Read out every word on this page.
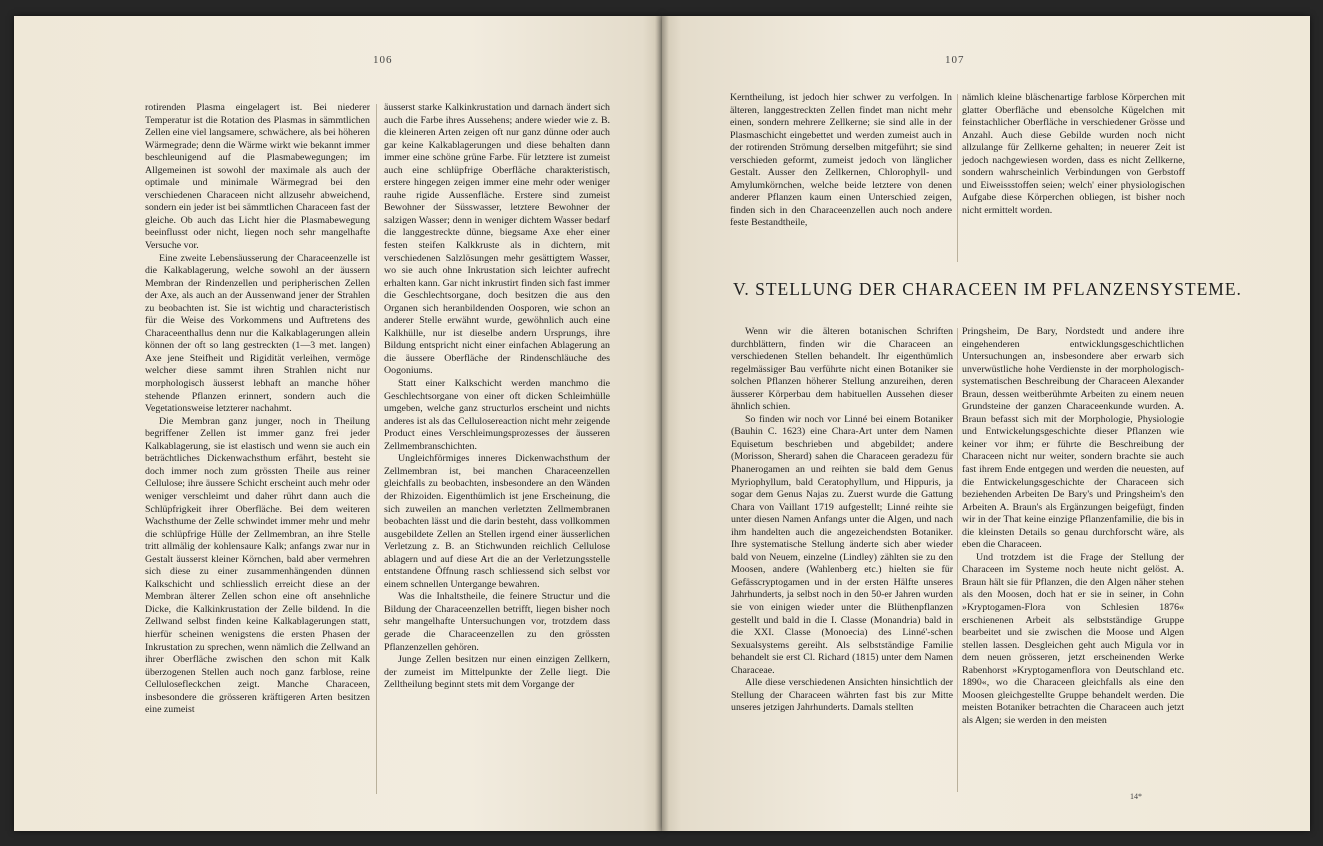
106

rotirenden Plasma eingelagert ist. Bei niederer Temperatur ist die Rotation des Plasmas in sämmtlichen Zellen eine viel langsamere, schwächere, als bei höheren Wärmegrade; denn die Wärme wirkt wie bekannt immer beschleunigend auf die Plasmabewegungen; im Allgemeinen ist sowohl der maximale als auch der optimale und minimale Wärmegrad bei den verschiedenen Characeen nicht allzusehr abweichend, sondern ein jeder ist bei sämmtlichen Characeen fast der gleiche. Ob auch das Licht hier die Plasmabewegung beeinflusst oder nicht, liegen noch sehr mangelhafte Versuche vor.

Eine zweite Lebensäusserung der Characeenzelle ist die Kalkablagerung, welche sowohl an der äussern Membran der Rindenzellen und peripherischen Zellen der Axe, als auch an der Aussenwand jener der Strahlen zu beobachten ist. Sie ist wichtig und characteristisch für die Weise des Vorkommens und Auftretens des Characeenthallus denn nur die Kalkablagerungen allein können der oft so lang gestreckten (1—3 met. langen) Axe jene Steifheit und Rigidität verleihen, vermöge welcher diese sammt ihren Strahlen nicht nur morphologisch äusserst lebhaft an manche höher stehende Pflanzen erinnert, sondern auch die Vegetationsweise letzterer nachahmt.

Die Membran ganz junger, noch in Theilung begriffener Zellen ist immer ganz frei jeder Kalkablagerung, sie ist elastisch und wenn sie auch ein beträchtliches Dickenwachsthum erfährt, besteht sie doch immer noch zum grössten Theile aus reiner Cellulose; ihre äussere Schicht erscheint auch mehr oder weniger verschleimt und daher rührt dann auch die Schlüpfrigkeit ihrer Oberfläche. Bei dem weiteren Wachsthume der Zelle schwindet immer mehr und mehr die schlüpfrige Hülle der Zellmembran, an ihre Stelle tritt allmälig der kohlensaure Kalk; anfangs zwar nur in Gestalt äusserst kleiner Körnchen, bald aber vermehren sich diese zu einer zusammenhängenden dünnen Kalkschicht und schliesslich erreicht diese an der Membran älterer Zellen schon eine oft ansehnliche Dicke, die Kalkinkrustation der Zelle bildend. In die Zellwand selbst finden keine Kalkablagerungen statt, hierfür scheinen wenigstens die ersten Phasen der Inkrustation zu sprechen, wenn nämlich die Zellwand an ihrer Oberfläche zwischen den schon mit Kalk überzogenen Stellen auch noch ganz farblose, reine Cellulosefleckchen zeigt. Manche Characeen, insbesondere die grösseren kräftigeren Arten besitzen eine zumeist

äusserst starke Kalkinkrustation und darnach ändert sich auch die Farbe ihres Aussehens; andere wieder wie z. B. die kleineren Arten zeigen oft nur ganz dünne oder auch gar keine Kalkablagerungen und diese behalten dann immer eine schöne grüne Farbe. Für letztere ist zumeist auch eine schlüpfrige Oberfläche charakteristisch, erstere hingegen zeigen immer eine mehr oder weniger rauhe rigide Aussenfläche. Erstere sind zumeist Bewohner der Süsswasser, letztere Bewohner der salzigen Wasser; denn in weniger dichtem Wasser bedarf die langgestreckte dünne, biegsame Axe eher einer festen steifen Kalkkruste als in dichtern, mit verschiedenen Salzlösungen mehr gesättigtem Wasser, wo sie auch ohne Inkrustation sich leichter aufrecht erhalten kann. Gar nicht inkrustirt finden sich fast immer die Geschlechtsorgane, doch besitzen die aus den Organen sich heranbildenden Oosporen, wie schon an anderer Stelle erwähnt wurde, gewöhnlich auch eine Kalkhülle, nur ist dieselbe andern Ursprungs, ihre Bildung entspricht nicht einer einfachen Ablagerung an die äussere Oberfläche der Rindenschläuche des Oogoniums.

Statt einer Kalkschicht werden manchmo die Geschlechtsorgane von einer oft dicken Schleimhülle umgeben, welche ganz structurlos erscheint und nichts anderes ist als das Cellulosereaction nicht mehr zeigende Product eines Verschleimungsprozesses der äusseren Zellmembranschichten.

Ungleichförmiges inneres Dickenwachsthum der Zellmembran ist, bei manchen Characeenzellen gleichfalls zu beobachten, insbesondere an den Wänden der Rhizoiden. Eigenthümlich ist jene Erscheinung, die sich zuweilen an manchen verletzten Zellmembranen beobachten lässt und die darin besteht, dass vollkommen ausgebildete Zellen an Stellen irgend einer äusserlichen Verletzung z. B. an Stichwunden reichlich Cellulose ablagern und auf diese Art die an der Verletzungsstelle entstandene Öffnung rasch schliessend sich selbst vor einem schnellen Untergange bewahren.

Was die Inhaltstheile, die feinere Structur und die Bildung der Characeenzellen betrifft, liegen bisher noch sehr mangelhafte Untersuchungen vor, trotzdem dass gerade die Characeenzellen zu den grössten Pflanzenzellen gehören.

Junge Zellen besitzen nur einen einzigen Zellkern, der zumeist im Mittelpunkte der Zelle liegt. Die Zelltheilung beginnt stets mit dem Vorgange der

107

Kerntheilung, ist jedoch hier schwer zu verfolgen. In älteren, langgestreckten Zellen findet man nicht mehr einen, sondern mehrere Zellkerne; sie sind alle in der Plasmaschicht eingebettet und werden zumeist auch in der rotirenden Strömung derselben mitgeführt; sie sind verschieden geformt, zumeist jedoch von länglicher Gestalt. Ausser den Zellkernen, Chlorophyll- und Amylumkörnchen, welche beide letztere von denen anderer Pflanzen kaum einen Unterschied zeigen, finden sich in den Characeenzellen auch noch andere feste Bestandtheile,

nämlich kleine bläschenartige farblose Körperchen mit glatter Oberfläche und ebensolche Kügelchen mit feinstachlicher Oberfläche in verschiedener Grösse und Anzahl. Auch diese Gebilde wurden noch nicht allzulange für Zellkerne gehalten; in neuerer Zeit ist jedoch nachgewiesen worden, dass es nicht Zellkerne, sondern wahrscheinlich Verbindungen von Gerbstoff und Eiweissstoffen seien; welch' einer physiologischen Aufgabe diese Körperchen obliegen, ist bisher noch nicht ermittelt worden.

V. STELLUNG DER CHARACEEN IM PFLANZENSYSTEME.

Wenn wir die älteren botanischen Schriften durchblättern, finden wir die Characeen an verschiedenen Stellen behandelt. Ihr eigenthümlich regelmässiger Bau verführte nicht einen Botaniker sie solchen Pflanzen höherer Stellung anzureihen, deren äusserer Körperbau dem habituellen Aussehen dieser ähnlich schien.

So finden wir noch vor Linné bei einem Botaniker (Bauhin C. 1623) eine Chara-Art unter dem Namen Equisetum beschrieben und abgebildet; andere (Morisson, Sherard) sahen die Characeen geradezu für Phanerogamen an und reihten sie bald dem Genus Myriophyllum, bald Ceratophyllum, und Hippuris, ja sogar dem Genus Najas zu. Zuerst wurde die Gattung Chara von Vaillant 1719 aufgestellt; Linné reihte sie unter diesen Namen Anfangs unter die Algen, und nach ihm handelten auch die angezeichendsten Botaniker. Ihre systematische Stellung änderte sich aber wieder bald von Neuem, einzelne (Lindley) zählten sie zu den Moosen, andere (Wahlenberg etc.) hielten sie für Gefässcryptogamen und in der ersten Hälfte unseres Jahrhunderts, ja selbst noch in den 50-er Jahren wurden sie von einigen wieder unter die Blüthenpflanzen gestellt und bald in die I. Classe (Monandria) bald in die XXI. Classe (Monoecia) des Linné'-schen Sexualsystems gereiht. Als selbstständige Familie behandelt sie erst Cl. Richard (1815) unter dem Namen Characeae.

Alle diese verschiedenen Ansichten hinsichtlich der Stellung der Characeen währten fast bis zur Mitte unseres jetzigen Jahrhunderts. Damals stellten

Pringsheim, De Bary, Nordstedt und andere ihre eingehenderen entwicklungsgeschichtlichen Untersuchungen an, insbesondere aber erwarb sich unverwüstliche hohe Verdienste in der morphologisch-systematischen Beschreibung der Characeen Alexander Braun, dessen weitberühmte Arbeiten zu einem neuen Grundsteine der ganzen Characeenkunde wurden. A. Braun befasst sich mit der Morphologie, Physiologie und Entwickelungsgeschichte dieser Pflanzen wie keiner vor ihm; er führte die Beschreibung der Characeen nicht nur weiter, sondern brachte sie auch fast ihrem Ende entgegen und werden die neuesten, auf die Entwickelungsgeschichte der Characeen sich beziehenden Arbeiten De Bary's und Pringsheim's den Arbeiten A. Braun's als Ergänzungen beigefügt, finden wir in der That keine einzige Pflanzenfamilie, die bis in die kleinsten Details so genau durchforscht wäre, als eben die Characeen.

Und trotzdem ist die Frage der Stellung der Characeen im Systeme noch heute nicht gelöst. A. Braun hält sie für Pflanzen, die den Algen näher stehen als den Moosen, doch hat er sie in seiner, in Cohn »Kryptogamen-Flora von Schlesien 1876« erschienenen Arbeit als selbstständige Gruppe bearbeitet und sie zwischen die Moose und Algen stellen lassen. Desgleichen geht auch Migula vor in dem neuen grösseren, jetzt erscheinenden Werke Rabenhorst »Kryptogamenflora von Deutschland etc. 1890«, wo die Characeen gleichfalls als eine den Moosen gleichgestellte Gruppe behandelt werden. Die meisten Botaniker betrachten die Characeen auch jetzt als Algen; sie werden in den meisten

14*
